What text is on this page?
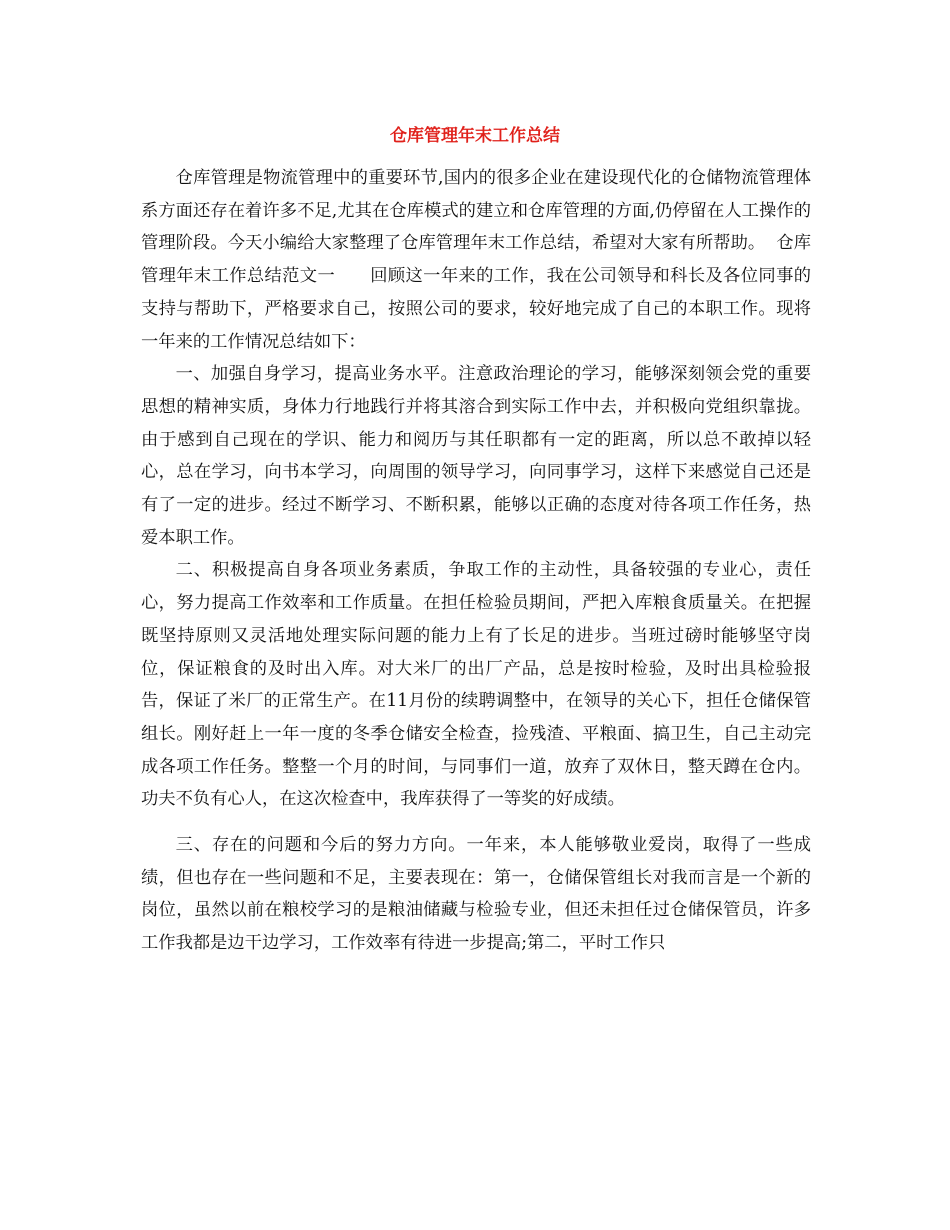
仓库管理年末工作总结

仓库管理是物流管理中的重要环节,国内的很多企业在建设现代化的仓储物流管理体系方面还存在着许多不足,尤其在仓库模式的建立和仓库管理的方面,仍停留在人工操作的管理阶段。今天小编给大家整理了仓库管理年末工作总结，希望对大家有所帮助。  仓库管理年末工作总结范文一      回顾这一年来的工作，我在公司领导和科长及各位同事的支持与帮助下，严格要求自己，按照公司的要求，较好地完成了自己的本职工作。现将一年来的工作情况总结如下：

一、加强自身学习，提高业务水平。注意政治理论的学习，能够深刻领会党的重要思想的精神实质，身体力行地践行并将其溶合到实际工作中去，并积极向党组织靠拢。由于感到自己现在的学识、能力和阅历与其任职都有一定的距离，所以总不敢掉以轻心，总在学习，向书本学习，向周围的领导学习，向同事学习，这样下来感觉自己还是有了一定的进步。经过不断学习、不断积累，能够以正确的态度对待各项工作任务，热爱本职工作。

二、积极提高自身各项业务素质，争取工作的主动性，具备较强的专业心，责任心，努力提高工作效率和工作质量。在担任检验员期间，严把入库粮食质量关。在把握既坚持原则又灵活地处理实际问题的能力上有了长足的进步。当班过磅时能够坚守岗位，保证粮食的及时出入库。对大米厂的出厂产品，总是按时检验，及时出具检验报告，保证了米厂的正常生产。在11月份的续聘调整中，在领导的关心下，担任仓储保管组长。刚好赶上一年一度的冬季仓储安全检查，捡残渣、平粮面、搞卫生，自己主动完成各项工作任务。整整一个月的时间，与同事们一道，放弃了双休日，整天蹲在仓内。功夫不负有心人，在这次检查中，我库获得了一等奖的好成绩。

三、存在的问题和今后的努力方向。一年来，本人能够敬业爱岗，取得了一些成绩，但也存在一些问题和不足，主要表现在：第一，仓储保管组长对我而言是一个新的岗位，虽然以前在粮校学习的是粮油储藏与检验专业，但还未担任过仓储保管员，许多工作我都是边干边学习，工作效率有待进一步提高;第二，平时工作只
